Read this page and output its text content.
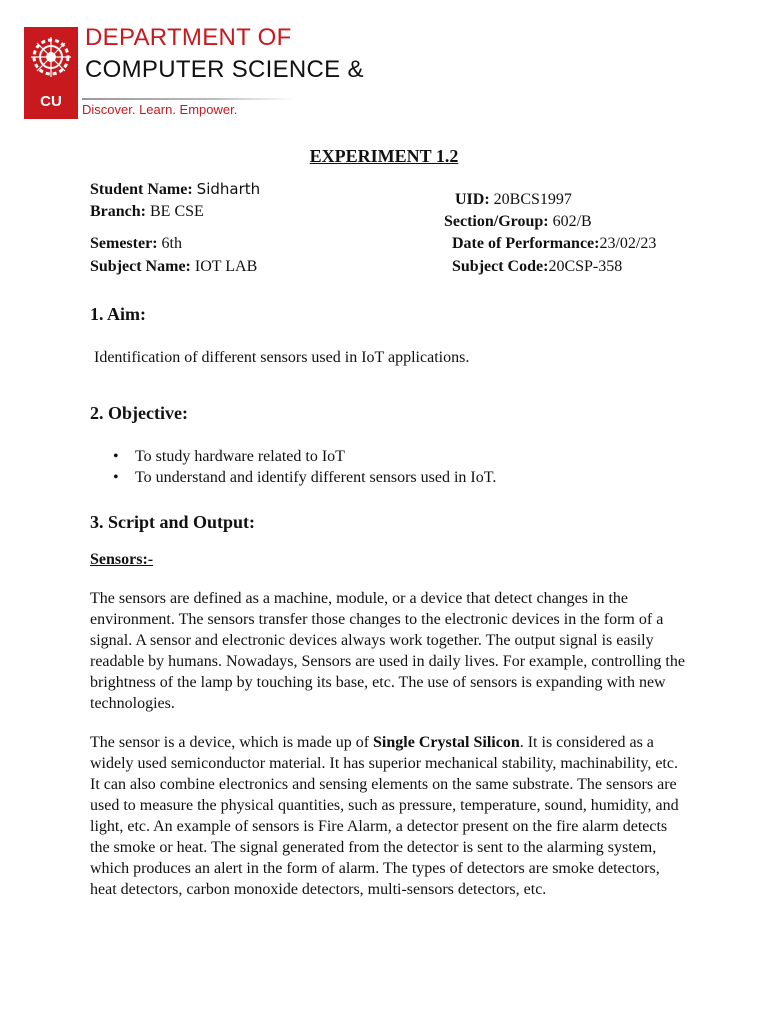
CU
CHANDIGARH UNIVERSITY
DEPARTMENT OF
COMPUTER SCIENCE &
Discover. Learn. Empower.
EXPERIMENT 1.2
Student Name: Sidharth
UID: 20BCS1997
Branch: BE CSE
Section/Group: 602/B
Semester: 6th	Date of Performance:23/02/23
Subject Name: IOT LAB	Subject Code:20CSP-358
1. Aim:
Identification of different sensors used in IoT applications.
2. Objective:
• To study hardware related to IoT
• To understand and identify different sensors used in IoT.
3. Script and Output:
Sensors:-
The sensors are defined as a machine, module, or a device that detect changes in the environment. The sensors transfer those changes to the electronic devices in the form of a signal. A sensor and electronic devices always work together. The output signal is easily readable by humans. Nowadays, Sensors are used in daily lives. For example, controlling the brightness of the lamp by touching its base, etc. The use of sensors is expanding with new technologies.
The sensor is a device, which is made up of Single Crystal Silicon. It is considered as a widely used semiconductor material. It has superior mechanical stability, machinability, etc. It can also combine electronics and sensing elements on the same substrate. The sensors are used to measure the physical quantities, such as pressure, temperature, sound, humidity, and light, etc. An example of sensors is Fire Alarm, a detector present on the fire alarm detects the smoke or heat. The signal generated from the detector is sent to the alarming system, which produces an alert in the form of alarm. The types of detectors are smoke detectors, heat detectors, carbon monoxide detectors, multi-sensors detectors, etc.
